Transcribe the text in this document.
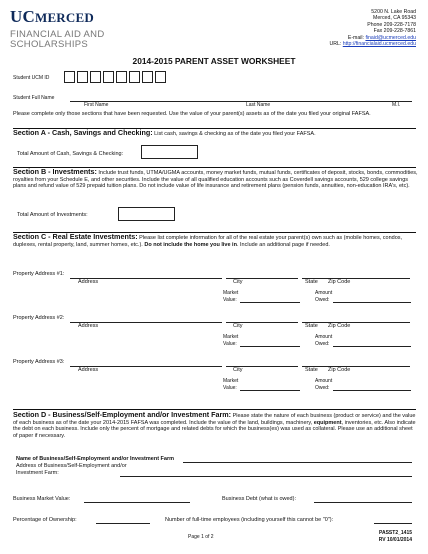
UCMERCED
FINANCIAL AID AND
SCHOLARSHIPS
5200 N. Lake Road
Merced, CA 95343
Phone 209-228-7178
Fax 209-228-7861
E-mail: finaid@ucmerced.edu
URL: http://financialaid.ucmerced.edu
2014-2015 PARENT ASSET WORKSHEET
Student UCM ID
Student Full Name
First Name	Last Name	M.I.
Please complete only those sections that have been requested. Use the value of your parent(s) assets as of the date you filed your original FAFSA.
Section A - Cash, Savings and Checking: List cash, savings & checking as of the date you filed your FAFSA.
Total Amount of Cash, Savings & Checking:
Section B - Investments: Include trust funds, UTMA/UGMA accounts, money market funds, mutual funds, certificates of deposit, stocks, bonds, commodities, royalties from your Schedule E, and other securities. Include the value of all qualified education accounts such as Coverdell savings accounts, 529 college savings plans and refund value of 529 prepaid tuition plans. Do not include value of life insurance and retirement plans (pension funds, annuities, non-education IRA's, etc).
Total Amount of Investments:
Section C - Real Estate Investments: Please list complete information for all of the real estate your parent(s) own such as (mobile homes, condos, duplexes, rental property, land, summer homes, etc.). Do not include the home you live in. Include an additional page if needed.
Property Address #1:
Address	City	State Zip Code
Market
Value:
Amount
Owed:
Property Address #2:
Address	City	State Zip Code
Market
Value:
Amount
Owed:
Property Address #3:
Address	City	State Zip Code
Market
Value:
Amount
Owed:
Section D - Business/Self-Employment and/or Investment Farm: Please state the nature of each business (product or service) and the value of each business as of the date your 2014-2015 FAFSA was completed. Include the value of the land, buildings, machinery, equipment, inventories, etc. Also indicate the debt on each business. Include only the percent of mortgage and related debts for which the business(es) was used as collateral. Please use an additional sheet of paper if necessary.
Name of Business/Self-Employment and/or Investment Farm
Address of Business/Self-Employment and/or
Investment Farm:
Business Market Value:	Business Debt (what is owed):
Percentage of Ownership:	Number of full-time employees (including yourself this cannot be "0"):
Page 1 of 2
PASST2_1415
RV 10/01/2014
